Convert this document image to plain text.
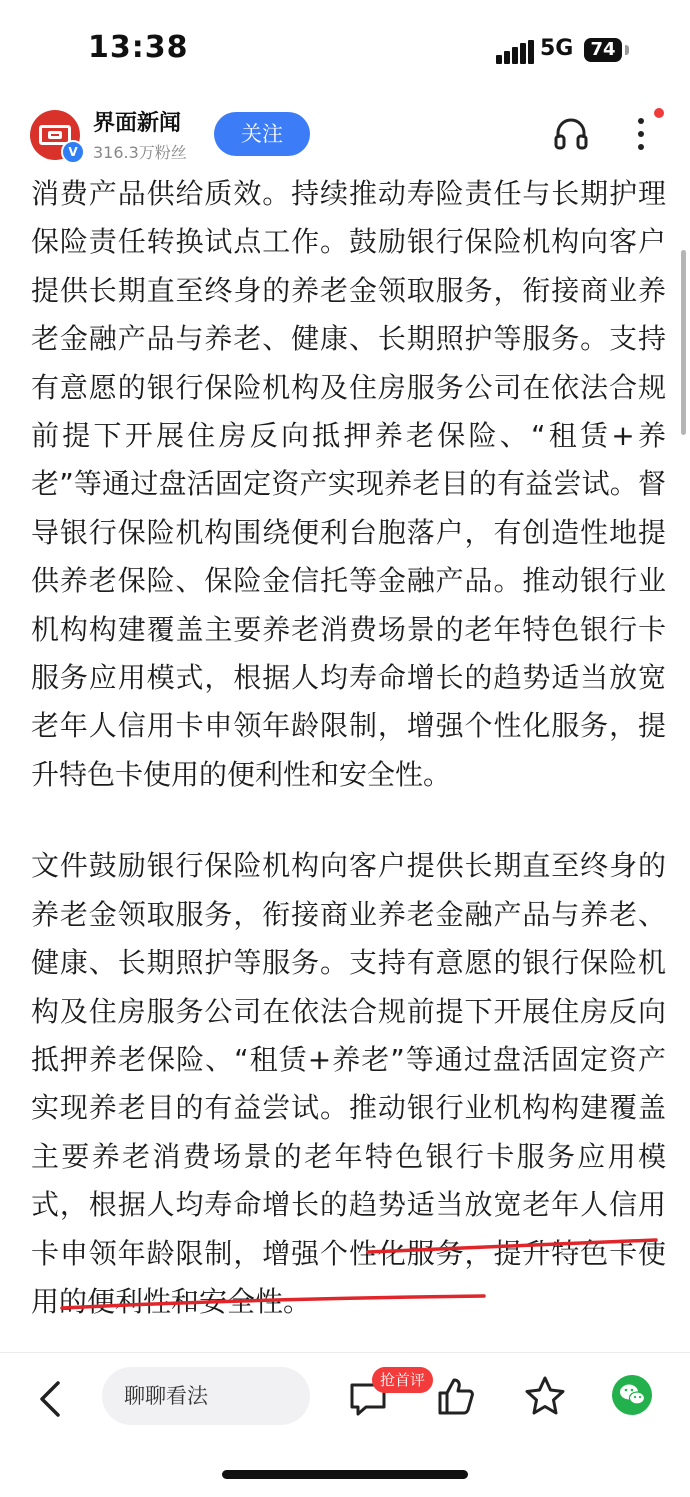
13:38	5G 74
V
界面新闻
316.3万粉丝
关注

消费产品供给质效。持续推动寿险责任与长期护理保险责任转换试点工作。鼓励银行保险机构向客户提供长期直至终身的养老金领取服务，衔接商业养老金融产品与养老、健康、长期照护等服务。支持有意愿的银行保险机构及住房服务公司在依法合规前提下开展住房反向抵押养老保险、“租赁+养老”等通过盘活固定资产实现养老目的有益尝试。督导银行保险机构围绕便利台胞落户，有创造性地提供养老保险、保险金信托等金融产品。推动银行业机构构建覆盖主要养老消费场景的老年特色银行卡服务应用模式，根据人均寿命增长的趋势适当放宽老年人信用卡申领年龄限制，增强个性化服务，提升特色卡使用的便利性和安全性。

文件鼓励银行保险机构向客户提供长期直至终身的养老金领取服务，衔接商业养老金融产品与养老、健康、长期照护等服务。支持有意愿的银行保险机构及住房服务公司在依法合规前提下开展住房反向抵押养老保险、“租赁+养老”等通过盘活固定资产实现养老目的有益尝试。推动银行业机构构建覆盖主要养老消费场景的老年特色银行卡服务应用模式，根据人均寿命增长的趋势适当放宽老年人信用卡申领年龄限制，增强个性化服务，提升特色卡使用的便利性和安全性。

聊聊看法
抢首评
